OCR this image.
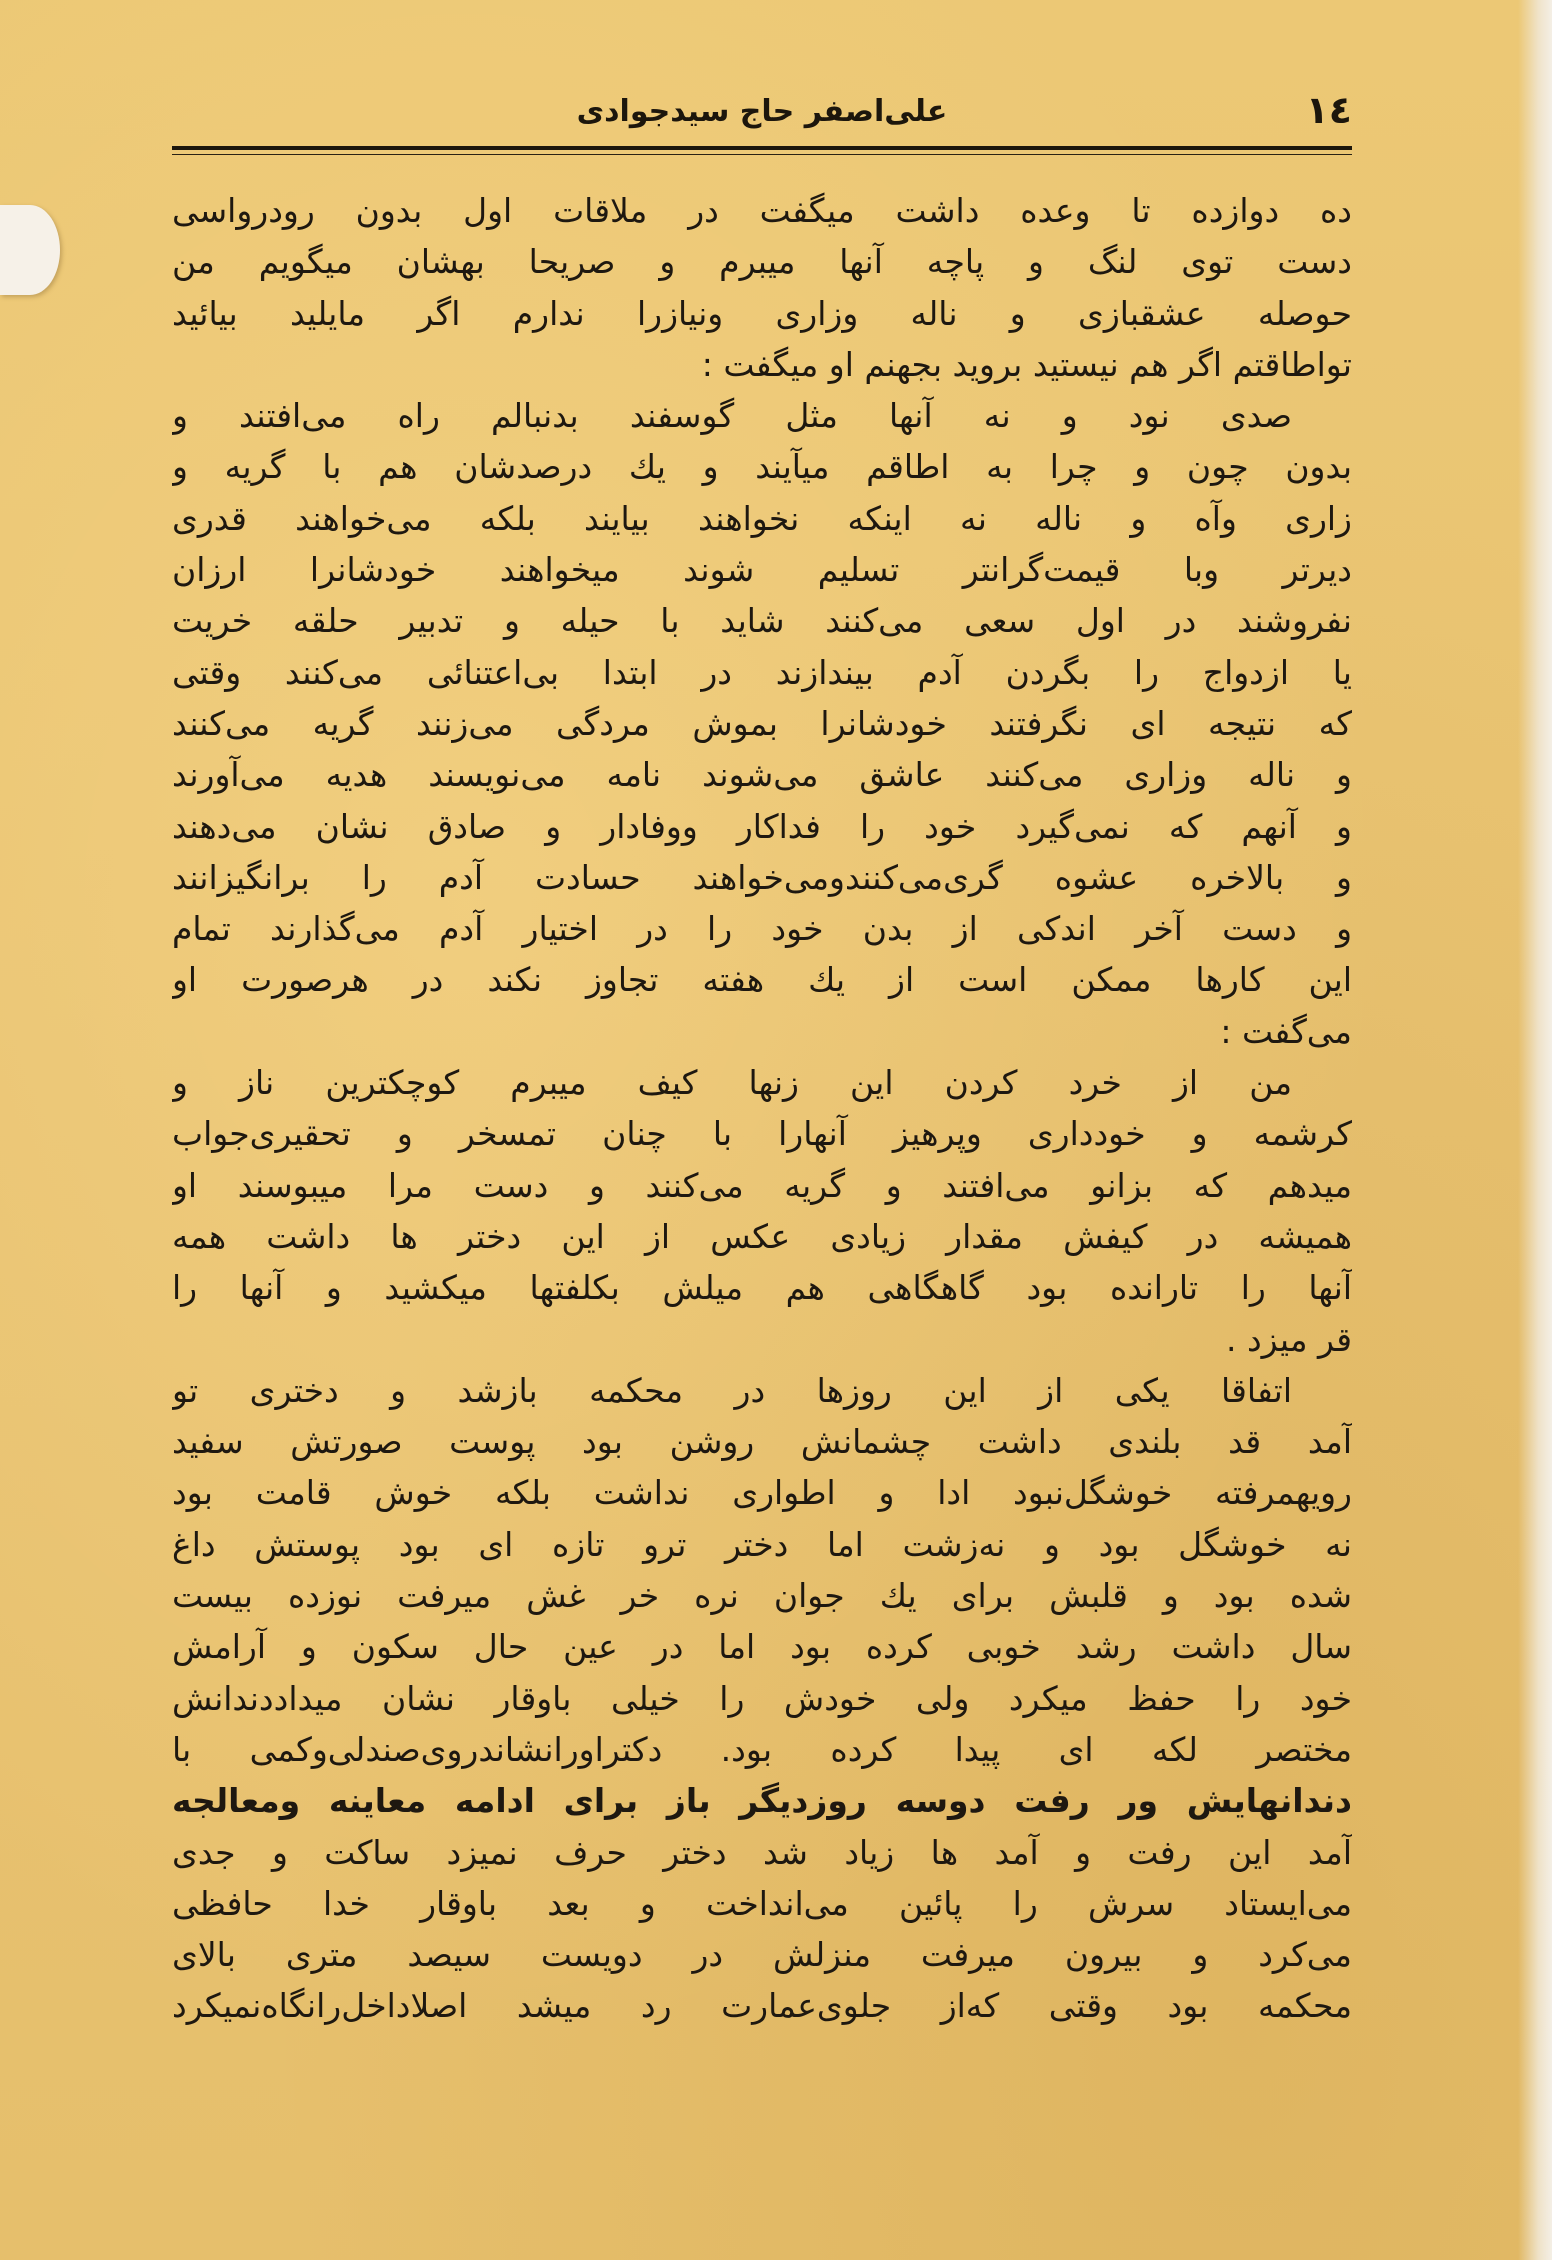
١٤
علی‌اصفر حاج سیدجوادی
ده دوازده تا وعده داشت میگفت در ملاقات اول بدون رودرواسی
دست توی لنگ و پاچه آنها میبرم و صریحا بهشان میگویم من
حوصله عشقبازی و ناله وزاری ونیازرا ندارم اگر مایلید بیائید
تواطاقتم اگر هم نیستید بروید بجهنم او میگفت :
صدی نود و نه آنها مثل گوسفند بدنبالم راه می‌افتند و
بدون چون و چرا به اطاقم میآیند و یك درصدشان هم با گریه و
زاری وآه و ناله نه اینکه نخواهند بیایند بلکه می‌خواهند قدری
دیرتر وبا قیمت‌گرانتر تسلیم شوند میخواهند خودشانرا ارزان
نفروشند در اول سعی می‌کنند شاید با حیله و تدبیر حلقه خریت
یا ازدواج را بگردن آدم بیندازند در ابتدا بی‌اعتنائی می‌کنند وقتی
که نتیجه ای نگرفتند خودشانرا بموش مردگی می‌زنند گریه می‌کنند
و ناله وزاری می‌کنند عاشق می‌شوند نامه می‌نویسند هدیه می‌آورند
و آنهم که نمی‌گیرد خود را فداکار ووفادار و صادق نشان می‌دهند
و بالاخره عشوه گری‌می‌کنندومی‌خواهند حسادت آدم را برانگیزانند
و دست آخر اندکی از بدن خود را در اختیار آدم می‌گذارند تمام
این کارها ممکن است از یك هفته تجاوز نکند در هرصورت او
می‌گفت :
من از خرد کردن این زنها کیف میبرم کوچکترین ناز و
کرشمه و خودداری وپرهیز آنهارا با چنان تمسخر و تحقیری‌جواب
میدهم که بزانو می‌افتند و گریه می‌کنند و دست مرا میبوسند او
همیشه در کیفش مقدار زیادی عکس از این دختر ها داشت همه
آنها را تارانده بود گاهگاهی هم میلش بکلفتها میکشید و آنها را
قر میزد .
اتفاقا یکی از این روزها در محکمه بازشد و دختری تو
آمد قد بلندی داشت چشمانش روشن بود پوست صورتش سفید
رویهمرفته خوشگل‌نبود ادا و اطواری نداشت بلکه خوش قامت بود
نه خوشگل بود و نه‌زشت اما دختر ترو تازه ای بود پوستش داغ
شده بود و قلبش برای یك جوان نره خر غش میرفت نوزده بیست
سال داشت رشد خوبی کرده بود اما در عین حال سکون و آرامش
خود را حفظ میکرد ولی خودش را خیلی باوقار نشان میداددندانش
مختصر لکه ای پیدا کرده بود. دکتراورانشاندروی‌صندلی‌وکمی با
دندانهایش ور رفت دوسه روزدیگر باز برای ادامه معاینه ومعالجه
آمد این رفت و آمد ها زیاد شد دختر حرف نمیزد ساکت و جدی
می‌ایستاد سرش را پائین می‌انداخت و بعد باوقار خدا حافظی
می‌کرد و بیرون میرفت منزلش در دویست سیصد متری بالای
محکمه بود وقتی که‌از جلوی‌عمارت رد میشد اصلاداخل‌رانگاه‌نمیکرد
